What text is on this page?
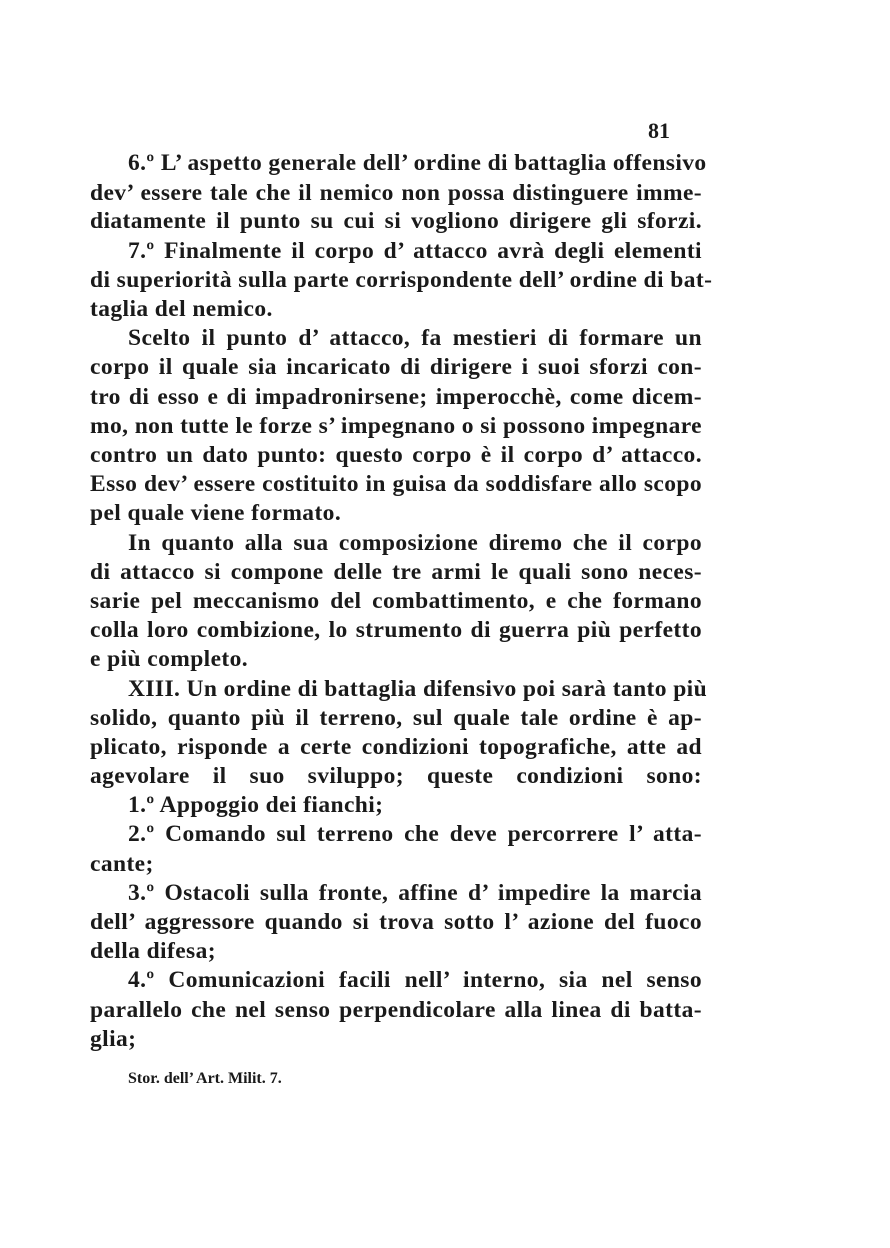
81
6.º L’ aspetto generale dell’ ordine di battaglia offensivo
dev’ essere tale che il nemico non possa distinguere imme-
diatamente il punto su cui si vogliono dirigere gli sforzi.
7.º Finalmente il corpo d’ attacco avrà degli elementi
di superiorità sulla parte corrispondente dell’ ordine di bat-
taglia del nemico.
Scelto il punto d’ attacco, fa mestieri di formare un
corpo il quale sia incaricato di dirigere i suoi sforzi con-
tro di esso e di impadronirsene; imperocchè, come dicem-
mo, non tutte le forze s’ impegnano o si possono impegnare
contro un dato punto: questo corpo è il corpo d’ attacco.
Esso dev’ essere costituito in guisa da soddisfare allo scopo
pel quale viene formato.
In quanto alla sua composizione diremo che il corpo
di attacco si compone delle tre armi le quali sono neces-
sarie pel meccanismo del combattimento, e che formano
colla loro combizione, lo strumento di guerra più perfetto
e più completo.
XIII. Un ordine di battaglia difensivo poi sarà tanto più
solido, quanto più il terreno, sul quale tale ordine è ap-
plicato, risponde a certe condizioni topografiche, atte ad
agevolare il suo sviluppo; queste condizioni sono:
1.º Appoggio dei fianchi;
2.º Comando sul terreno che deve percorrere l’ atta-
cante;
3.º Ostacoli sulla fronte, affine d’ impedire la marcia
dell’ aggressore quando si trova sotto l’ azione del fuoco
della difesa;
4.º Comunicazioni facili nell’ interno, sia nel senso
parallelo che nel senso perpendicolare alla linea di batta-
glia;
Stor. dell’ Art. Milit. 7.
